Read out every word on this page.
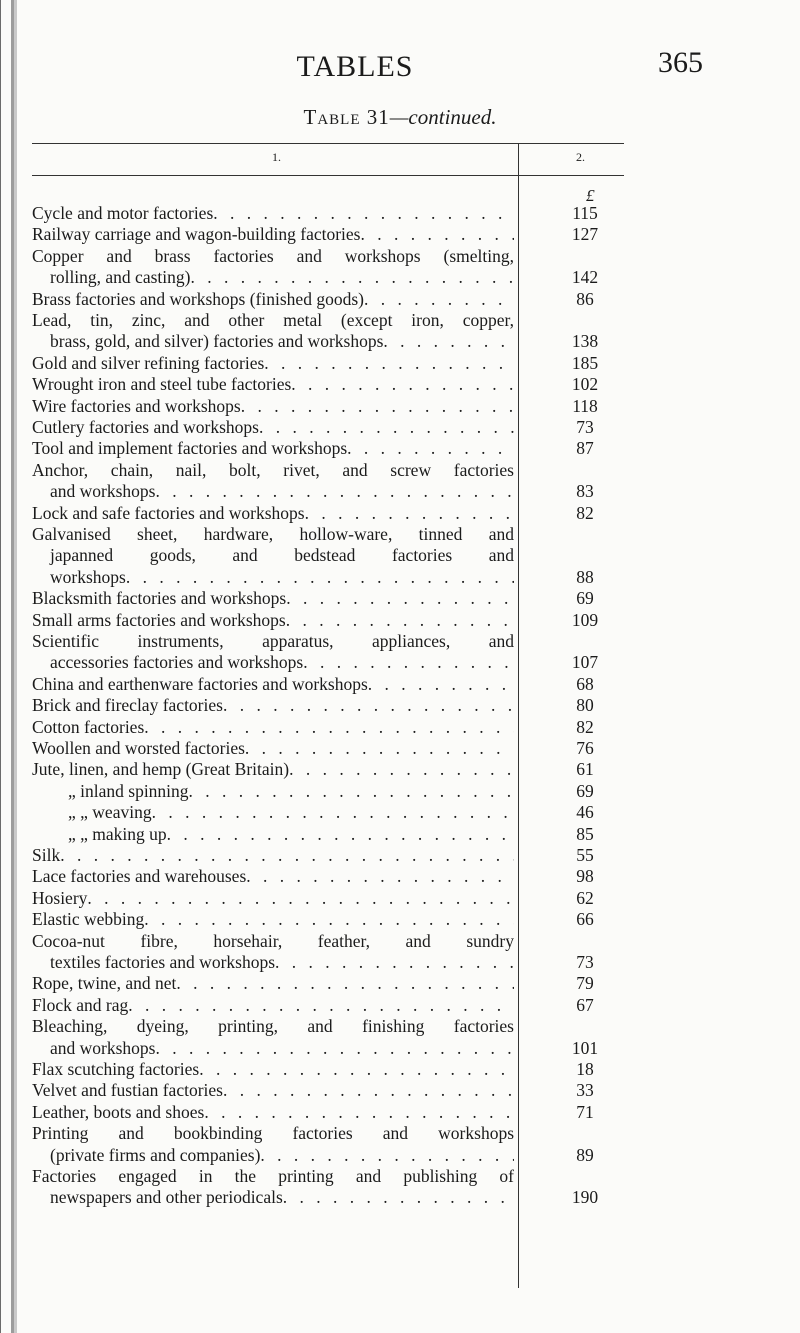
TABLES	365
Table 31—continued.
1.	2.
£
Cycle and motor factories . . .	115
Railway carriage and wagon-building factories . . .	127
Copper and brass factories and workshops (smelting,
rolling, and casting) . . .	142
Brass factories and workshops (finished goods) . . .	86
Lead, tin, zinc, and other metal (except iron, copper,
brass, gold, and silver) factories and workshops . . .	138
Gold and silver refining factories . . .	185
Wrought iron and steel tube factories . . .	102
Wire factories and workshops . . .	118
Cutlery factories and workshops . . .	73
Tool and implement factories and workshops . . .	87
Anchor, chain, nail, bolt, rivet, and screw factories
and workshops . . .	83
Lock and safe factories and workshops . . .	82
Galvanised sheet, hardware, hollow-ware, tinned and
japanned goods, and bedstead factories and
workshops . . .	88
Blacksmith factories and workshops . . .	69
Small arms factories and workshops . . .	109
Scientific instruments, apparatus, appliances, and
accessories factories and workshops . . .	107
China and earthenware factories and workshops . . .	68
Brick and fireclay factories . . .	80
Cotton factories . . .	82
Woollen and worsted factories . . .	76
Jute, linen, and hemp (Great Britain) . . .	61
„ inland spinning . . .	69
„ „ weaving . . .	46
„ „ making up . . .	85
Silk . . .	55
Lace factories and warehouses . . .	98
Hosiery . . .	62
Elastic webbing . . .	66
Cocoa-nut fibre, horsehair, feather, and sundry
textiles factories and workshops . . .	73
Rope, twine, and net . . .	79
Flock and rag . . .	67
Bleaching, dyeing, printing, and finishing factories
and workshops . . .	101
Flax scutching factories . . .	18
Velvet and fustian factories . . .	33
Leather, boots and shoes . . .	71
Printing and bookbinding factories and workshops
(private firms and companies) . . .	89
Factories engaged in the printing and publishing of
newspapers and other periodicals . . .	190
